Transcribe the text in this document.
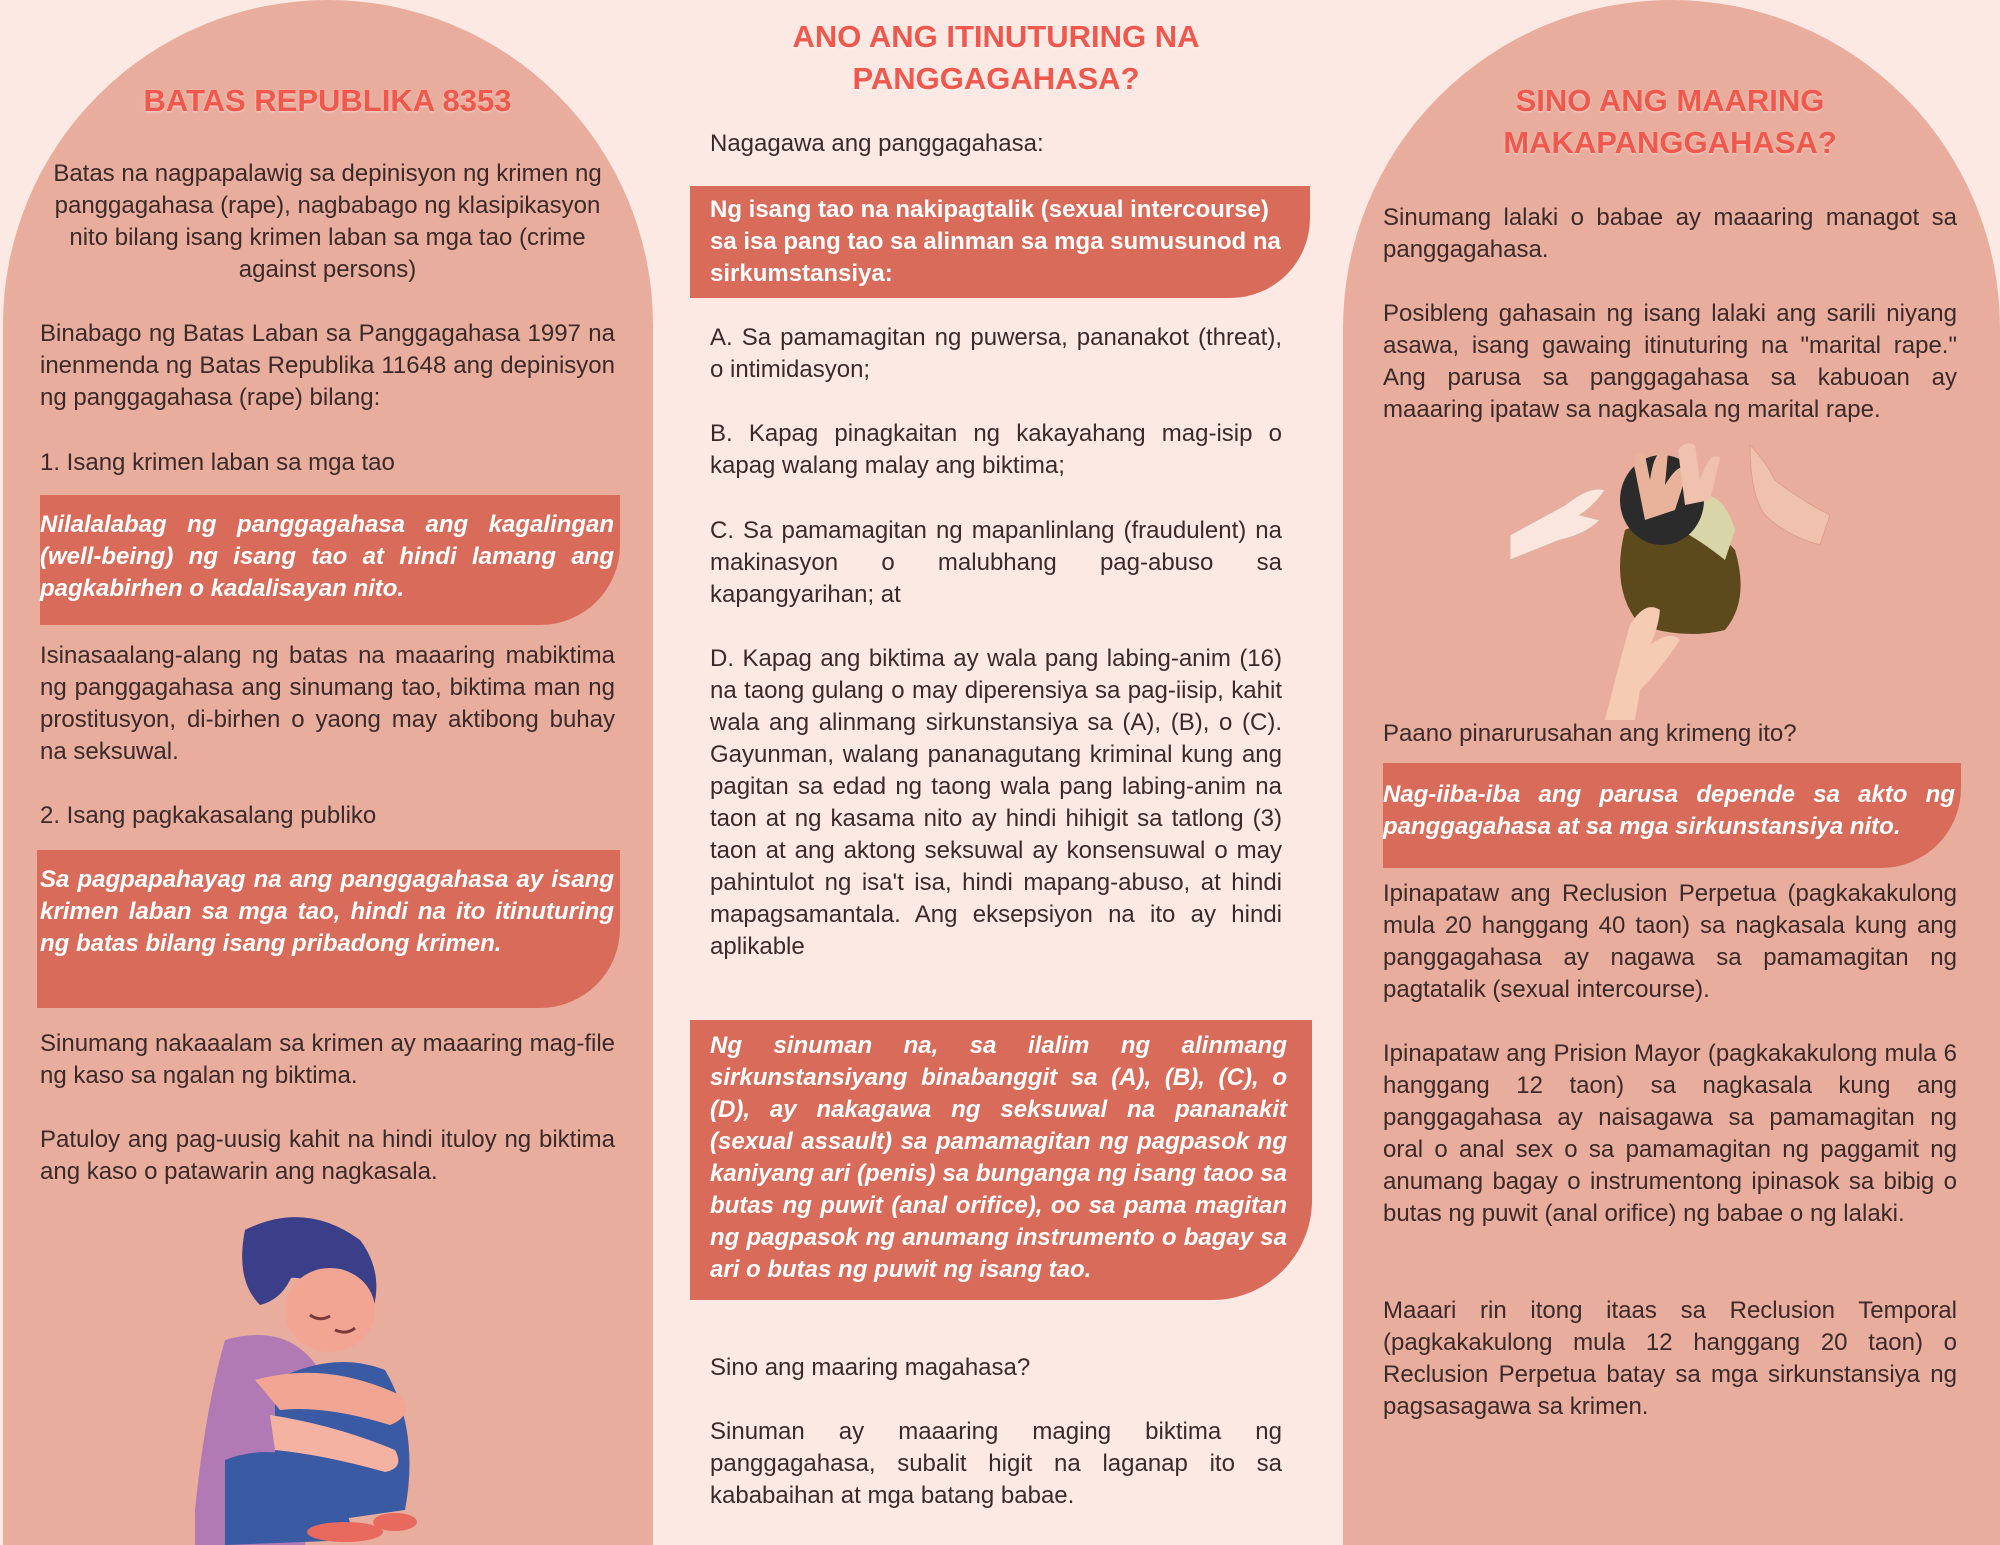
BATAS REPUBLIKA 8353

Batas na nagpapalawig sa depinisyon ng krimen ng panggagahasa (rape), nagbabago ng klasipikasyon nito bilang isang krimen laban sa mga tao (crime against persons)

Binabago ng Batas Laban sa Panggagahasa 1997 na inenmenda ng Batas Republika 11648 ang depinisyon ng panggagahasa (rape) bilang:

1. Isang krimen laban sa mga tao

Nilalalabag ng panggagahasa ang kagalingan (well-being) ng isang tao at hindi lamang ang pagkabirhen o kadalisayan nito.

Isinasaalang-alang ng batas na maaaring mabiktima ng panggagahasa ang sinumang tao, biktima man ng prostitusyon, di-birhen o yaong may aktibong buhay na seksuwal.

2. Isang pagkakasalang publiko

Sa pagpapahayag na ang panggagahasa ay isang krimen laban sa mga tao, hindi na ito itinuturing ng batas bilang isang pribadong krimen.

Sinumang nakaaalam sa krimen ay maaaring mag-file ng kaso sa ngalan ng biktima.

Patuloy ang pag-uusig kahit na hindi ituloy ng biktima ang kaso o patawarin ang nagkasala.

ANO ANG ITINUTURING NA PANGGAGAHASA?

Nagagawa ang panggagahasa:

Ng isang tao na nakipagtalik (sexual intercourse) sa isa pang tao sa alinman sa mga sumusunod na sirkumstansiya:

A. Sa pamamagitan ng puwersa, pananakot (threat), o intimidasyon;

B. Kapag pinagkaitan ng kakayahang mag-isip o kapag walang malay ang biktima;

C. Sa pamamagitan ng mapanlinlang (fraudulent) na makinasyon o malubhang pag-abuso sa kapangyarihan; at

D. Kapag ang biktima ay wala pang labing-anim (16) na taong gulang o may diperensiya sa pag-iisip, kahit wala ang alinmang sirkunstansiya sa (A), (B), o (C). Gayunman, walang pananagutang kriminal kung ang pagitan sa edad ng taong wala pang labing-anim na taon at ng kasama nito ay hindi hihigit sa tatlong (3) taon at ang aktong seksuwal ay konsensuwal o may pahintulot ng isa't isa, hindi mapang-abuso, at hindi mapagsamantala. Ang eksepsiyon na ito ay hindi aplikable

Ng sinuman na, sa ilalim ng alinmang sirkunstansiyang binabanggit sa (A), (B), (C), o (D), ay nakagawa ng seksuwal na pananakit (sexual assault) sa pamamagitan ng pagpasok ng kaniyang ari (penis) sa bunganga ng isang taoo sa butas ng puwit (anal orifice), oo sa pama magitan ng pagpasok ng anumang instrumento o bagay sa ari o butas ng puwit ng isang tao.

Sino ang maaring magahasa?

Sinuman ay maaaring maging biktima ng panggagahasa, subalit higit na laganap ito sa kababaihan at mga batang babae.

SINO ANG MAARING MAKAPANGGAHASA?

Sinumang lalaki o babae ay maaaring managot sa panggagahasa.

Posibleng gahasain ng isang lalaki ang sarili niyang asawa, isang gawaing itinuturing na "marital rape." Ang parusa sa panggagahasa sa kabuoan ay maaaring ipataw sa nagkasala ng marital rape.

Paano pinarurusahan ang krimeng ito?

Nag-iiba-iba ang parusa depende sa akto ng panggagahasa at sa mga sirkunstansiya nito.

Ipinapataw ang Reclusion Perpetua (pagkakakulong mula 20 hanggang 40 taon) sa nagkasala kung ang panggagahasa ay nagawa sa pamamagitan ng pagtatalik (sexual intercourse).

Ipinapataw ang Prision Mayor (pagkakakulong mula 6 hanggang 12 taon) sa nagkasala kung ang panggagahasa ay naisagawa sa pamamagitan ng oral o anal sex o sa pamamagitan ng paggamit ng anumang bagay o instrumentong ipinasok sa bibig o butas ng puwit (anal orifice) ng babae o ng lalaki.

Maaari rin itong itaas sa Reclusion Temporal (pagkakakulong mula 12 hanggang 20 taon) o Reclusion Perpetua batay sa mga sirkunstansiya ng pagsasagawa sa krimen.
